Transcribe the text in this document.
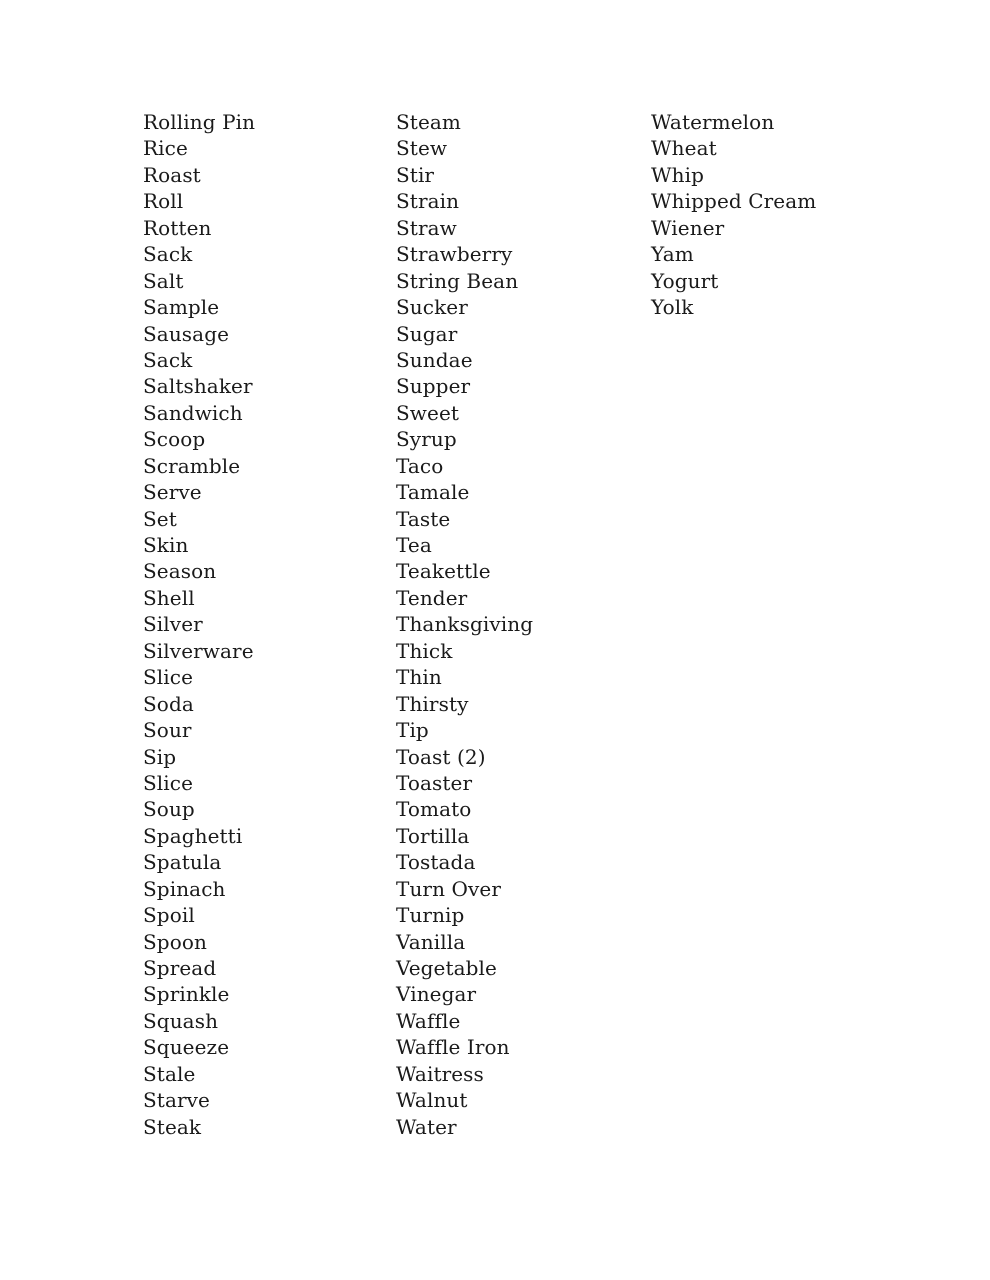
Rolling Pin
Rice
Roast
Roll
Rotten
Sack
Salt
Sample
Sausage
Sack
Saltshaker
Sandwich
Scoop
Scramble
Serve
Set
Skin
Season
Shell
Silver
Silverware
Slice
Soda
Sour
Sip
Slice
Soup
Spaghetti
Spatula
Spinach
Spoil
Spoon
Spread
Sprinkle
Squash
Squeeze
Stale
Starve
Steak
Steam
Stew
Stir
Strain
Straw
Strawberry
String Bean
Sucker
Sugar
Sundae
Supper
Sweet
Syrup
Taco
Tamale
Taste
Tea
Teakettle
Tender
Thanksgiving
Thick
Thin
Thirsty
Tip
Toast (2)
Toaster
Tomato
Tortilla
Tostada
Turn Over
Turnip
Vanilla
Vegetable
Vinegar
Waffle
Waffle Iron
Waitress
Walnut
Water
Watermelon
Wheat
Whip
Whipped Cream
Wiener
Yam
Yogurt
Yolk
